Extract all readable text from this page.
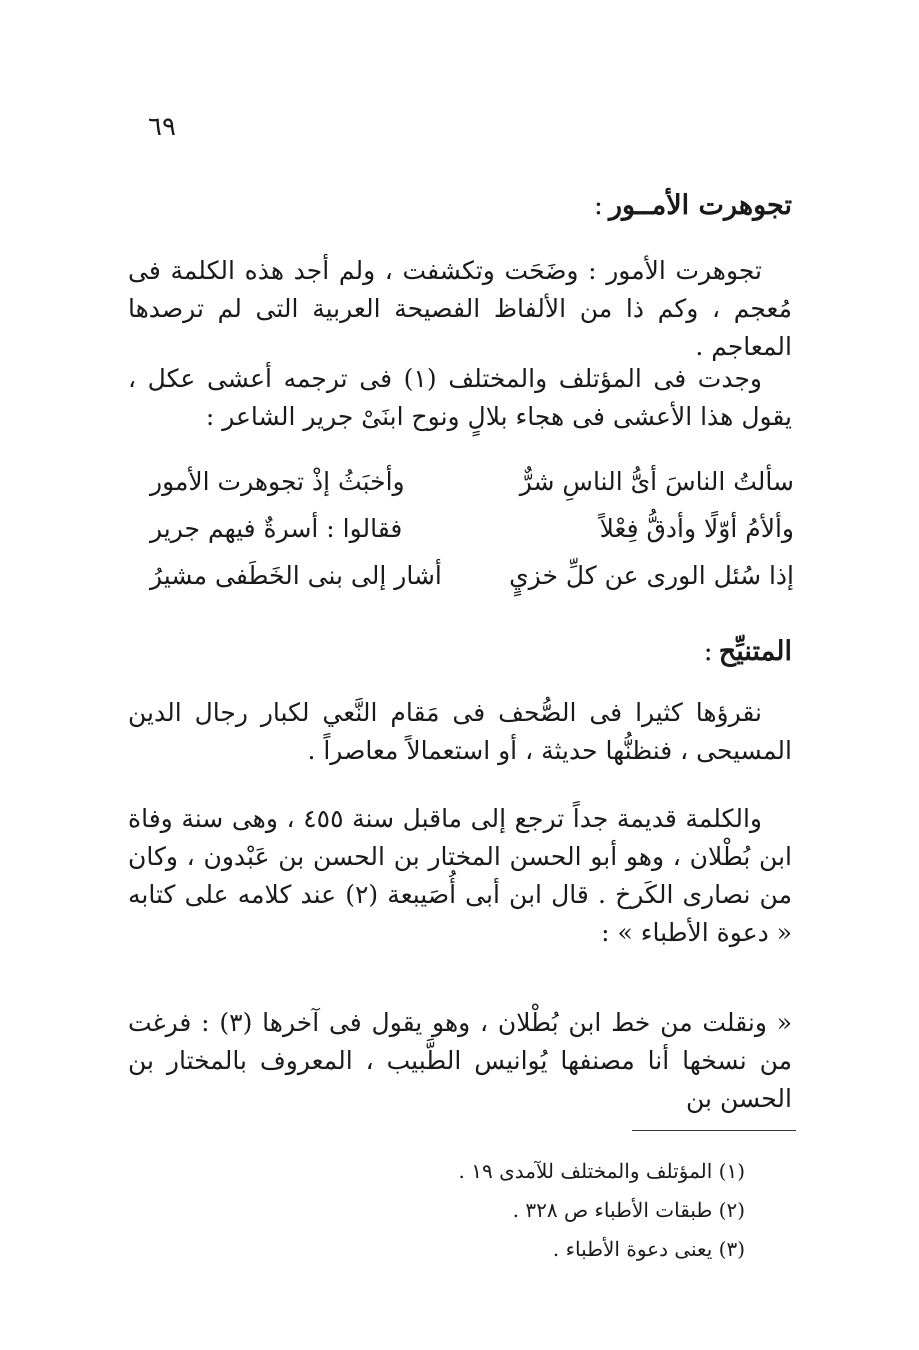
٦٩
تجوهرت الأمــور:
تجوهرت الأمور : وضَحَت وتكشفت ، ولم أجد هذه الكلمة فى مُعجم ، وكم ذا من الألفاظ الفصيحة العربية التى لم ترصدها المعاجم .
وجدت فى المؤتلف والمختلف (١) فى ترجمه أعشى عكل ، يقول هذا الأعشى فى هجاء بلالٍ ونوح ابنَىْ جرير الشاعر :
سألتُ الناسَ أىُّ الناسِ شرٌّ
وأخبَثُ إذْ تجوهرت الأمور
وألأمُ أوّلًا وأدقُّ فِعْلاً
فقالوا : أسرةٌ فيهم جرير
إذا سُئل الورى عن كلِّ خزيٍ
أشار إلى بنى الخَطَفى مشيرُ
المتنيِّح:
نقرؤها كثيرا فى الصُّحف فى مَقام النَّعي لكبار رجال الدين المسيحى ، فنظنُّها حديثة ، أو استعمالاً معاصراً .
والكلمة قديمة جداً ترجع إلى ماقبل سنة ٤٥٥ ، وهى سنة وفاة ابن بُطْلان ، وهو أبو الحسن المختار بن الحسن بن عَبْدون ، وكان من نصارى الكَرخ . قال ابن أبى أُصَيبعة (٢) عند كلامه على كتابه « دعوة الأطباء » :
« ونقلت من خط ابن بُطْلان ، وهو يقول فى آخرها (٣) : فرغت من نسخها أنا مصنفها يُوانيس الطَّبيب ، المعروف بالمختار بن الحسن بن
(١) المؤتلف والمختلف للآمدى ١٩ .
(٢) طبقات الأطباء ص ٣٢٨ .
(٣) يعنى دعوة الأطباء .
